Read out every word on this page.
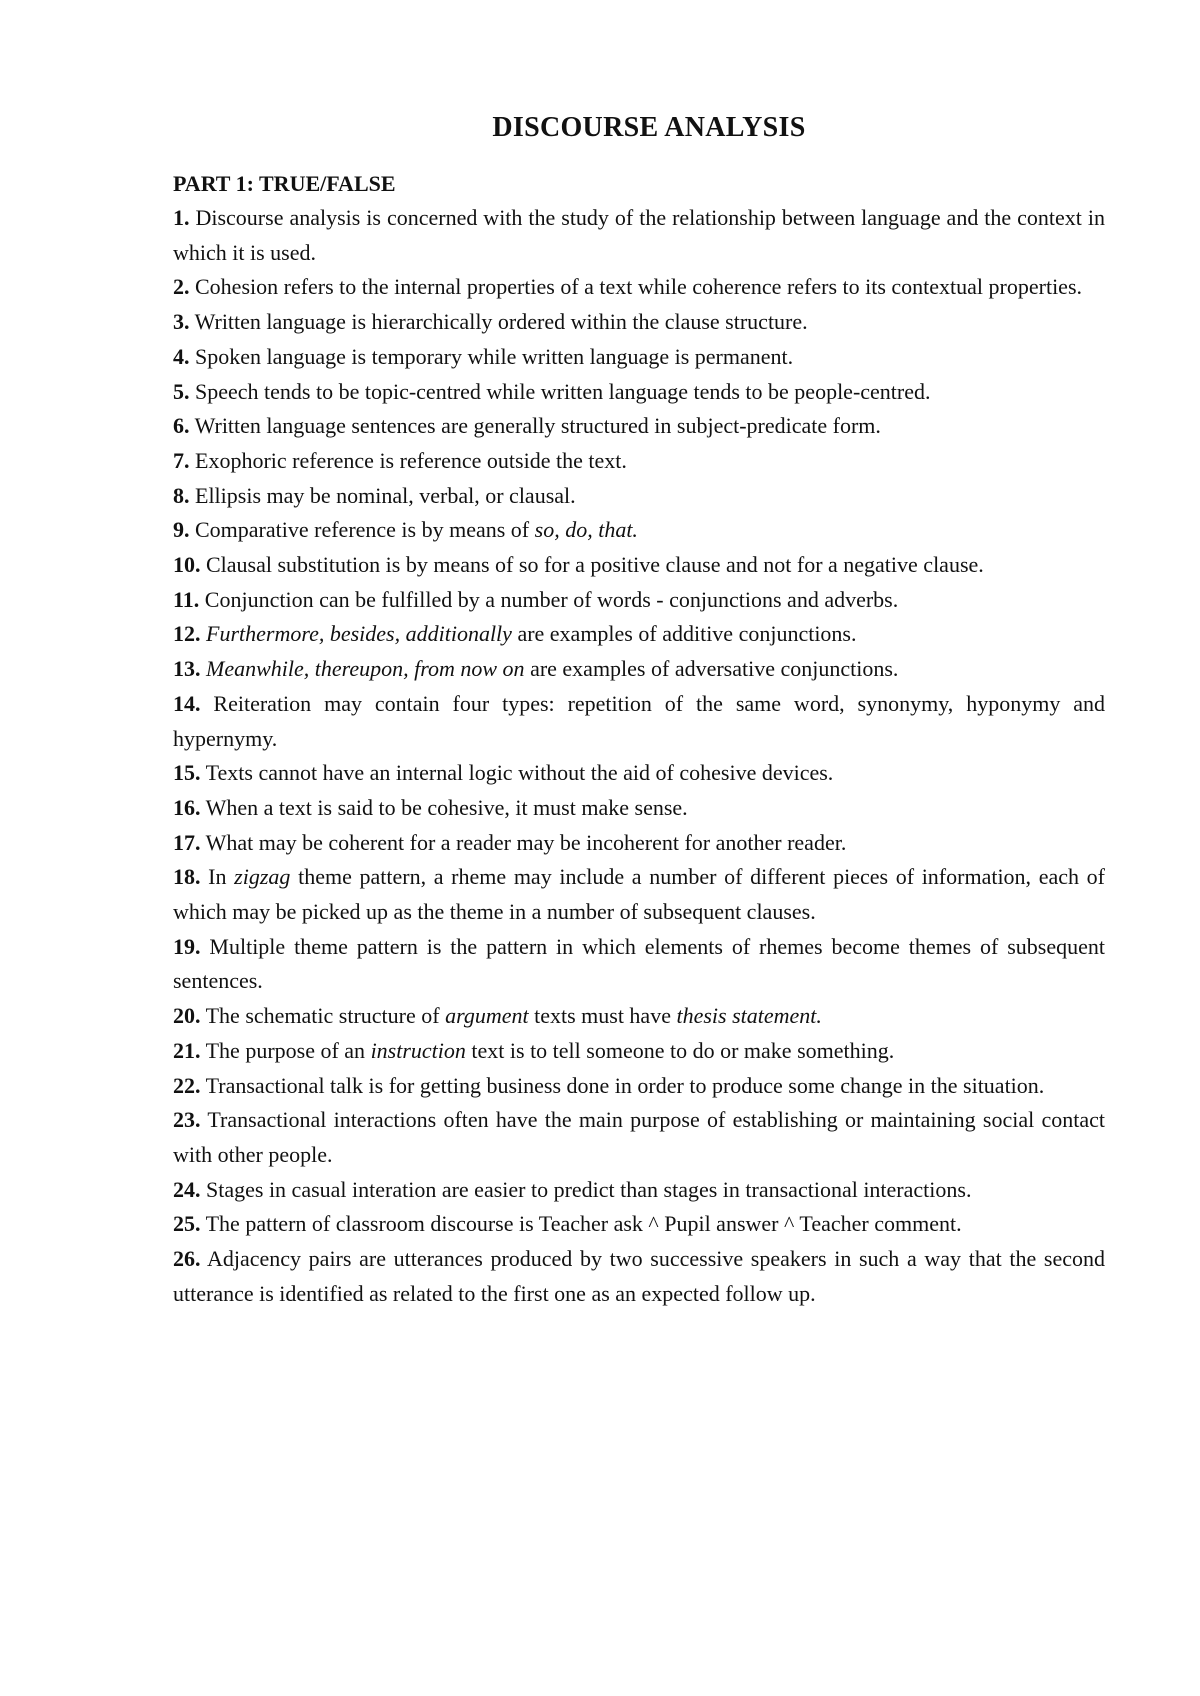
DISCOURSE ANALYSIS

PART 1: TRUE/FALSE

1. Discourse analysis is concerned with the study of the relationship between language and the context in which it is used.
2. Cohesion refers to the internal properties of a text while coherence refers to its contextual properties.
3. Written language is hierarchically ordered within the clause structure.
4. Spoken language is temporary while written language is permanent.
5. Speech tends to be topic-centred while written language tends to be people-centred.
6. Written language sentences are generally structured in subject-predicate form.
7. Exophoric reference is reference outside the text.
8. Ellipsis may be nominal, verbal, or clausal.
9. Comparative reference is by means of so, do, that.
10. Clausal substitution is by means of so for a positive clause and not for a negative clause.
11. Conjunction can be fulfilled by a number of words - conjunctions and adverbs.
12. Furthermore, besides, additionally are examples of additive conjunctions.
13. Meanwhile, thereupon, from now on are examples of adversative conjunctions.
14. Reiteration may contain four types: repetition of the same word, synonymy, hyponymy and hypernymy.
15. Texts cannot have an internal logic without the aid of cohesive devices.
16. When a text is said to be cohesive, it must make sense.
17. What may be coherent for a reader may be incoherent for another reader.
18. In zigzag theme pattern, a rheme may include a number of different pieces of information, each of which may be picked up as the theme in a number of subsequent clauses.
19. Multiple theme pattern is the pattern in which elements of rhemes become themes of subsequent sentences.
20. The schematic structure of argument texts must have thesis statement.
21. The purpose of an instruction text is to tell someone to do or make something.
22. Transactional talk is for getting business done in order to produce some change in the situation.
23. Transactional interactions often have the main purpose of establishing or maintaining social contact with other people.
24. Stages in casual interation are easier to predict than stages in transactional interactions.
25. The pattern of classroom discourse is Teacher ask ^ Pupil answer ^ Teacher comment.
26. Adjacency pairs are utterances produced by two successive speakers in such a way that the second utterance is identified as related to the first one as an expected follow up.
